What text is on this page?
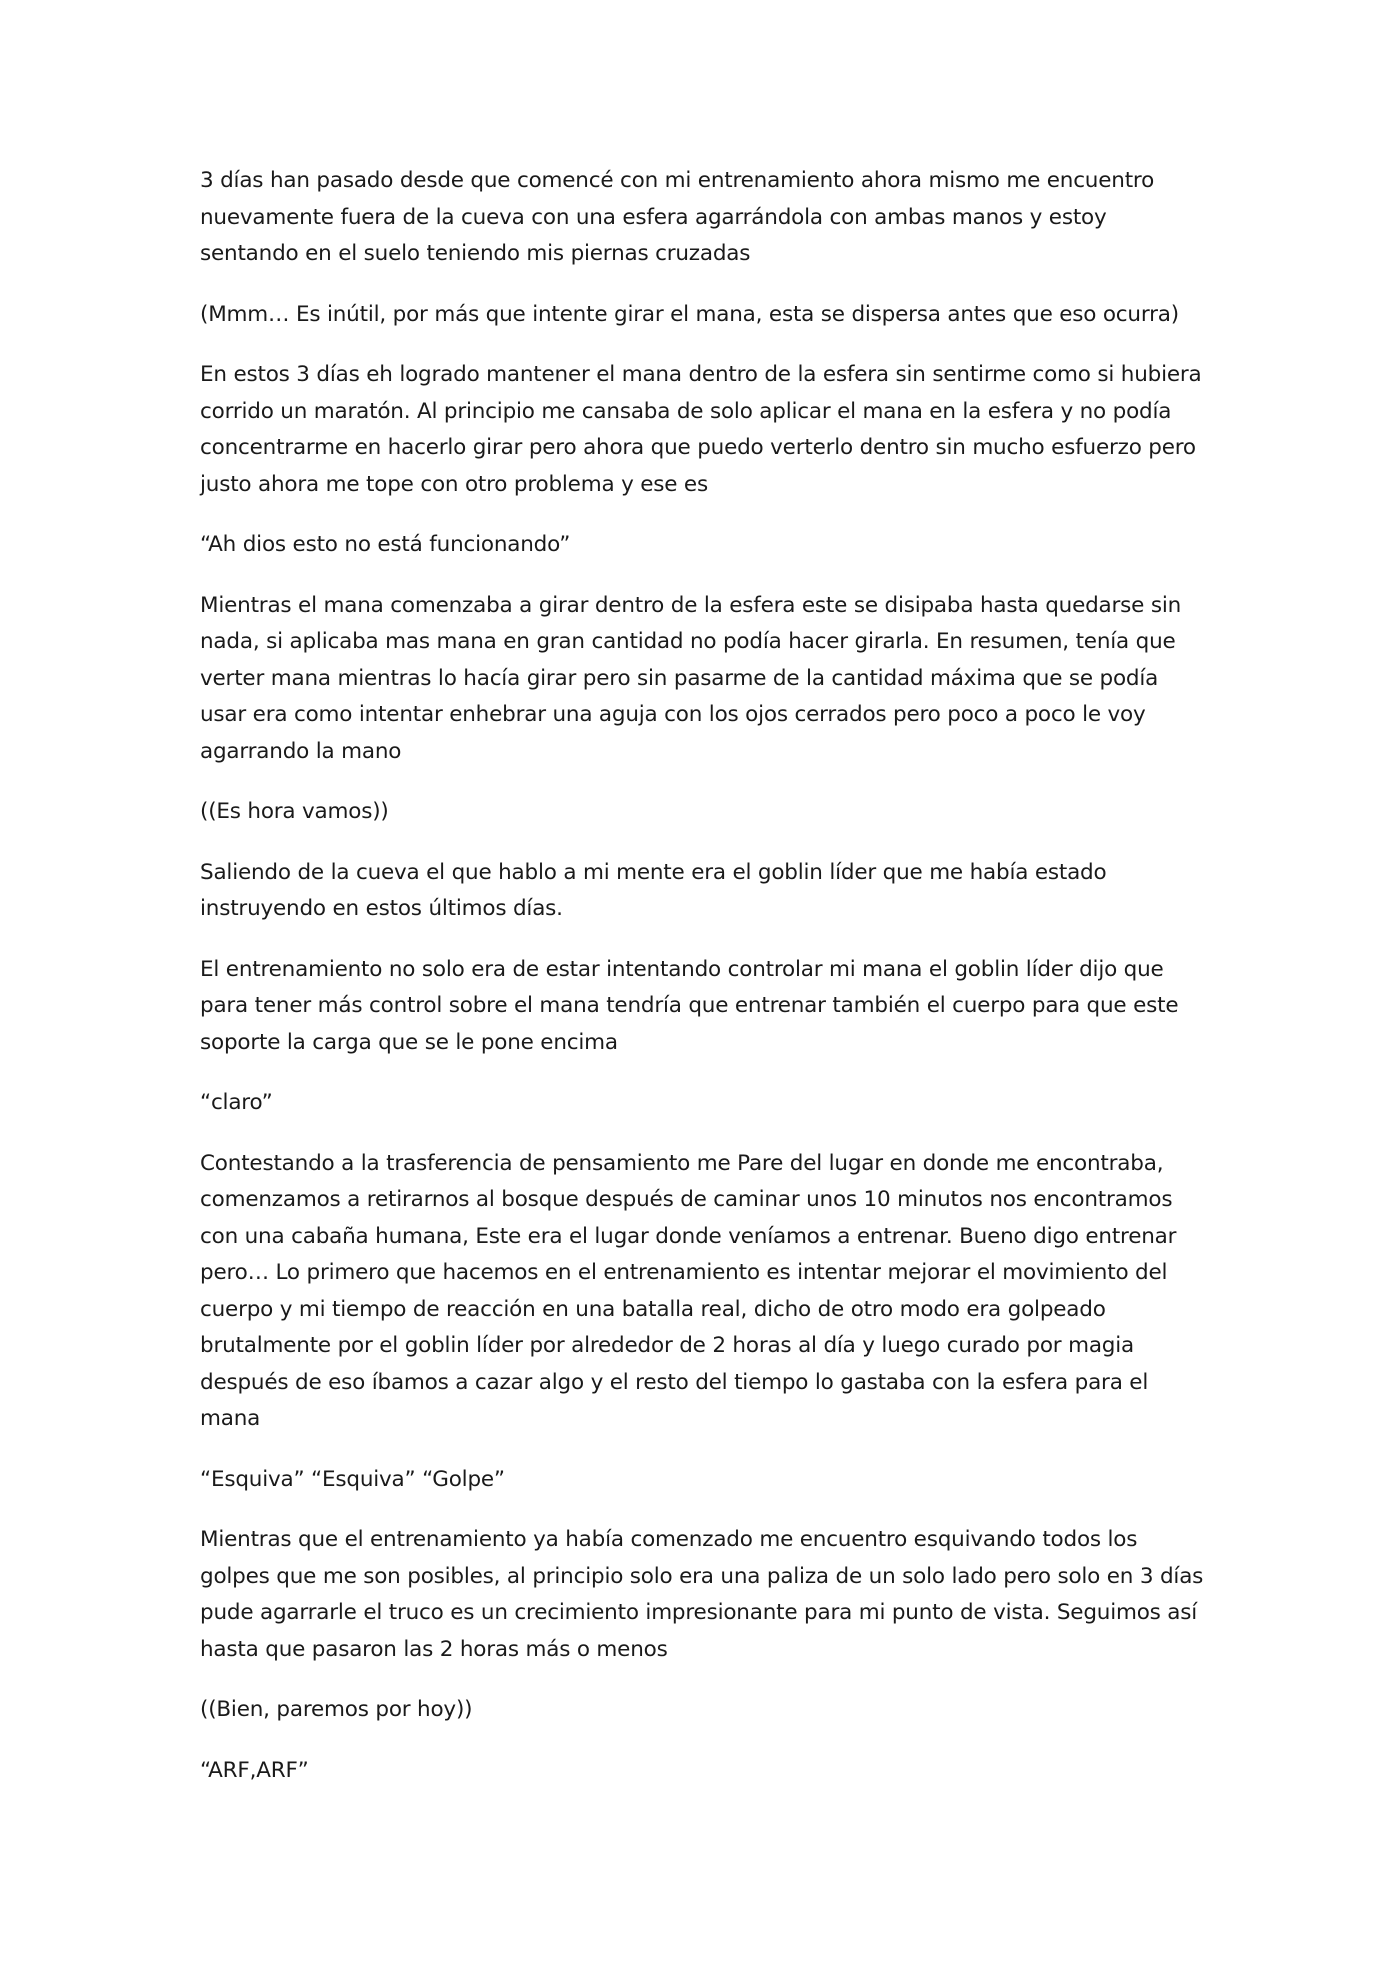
3 días han pasado desde que comencé con mi entrenamiento ahora mismo me encuentro nuevamente fuera de la cueva con una esfera agarrándola con ambas manos y estoy sentando en el suelo teniendo mis piernas cruzadas

(Mmm… Es inútil, por más que intente girar el mana, esta se dispersa antes que eso ocurra)

En estos 3 días eh logrado mantener el mana dentro de la esfera sin sentirme como si hubiera corrido un maratón. Al principio me cansaba de solo aplicar el mana en la esfera y no podía concentrarme en hacerlo girar pero ahora que puedo verterlo dentro sin mucho esfuerzo pero justo ahora me tope con otro problema y ese es

“Ah dios esto no está funcionando”

Mientras el mana comenzaba a girar dentro de la esfera este se disipaba hasta quedarse sin nada, si aplicaba mas mana en gran cantidad no podía hacer girarla. En resumen, tenía que verter mana mientras lo hacía girar pero sin pasarme de la cantidad máxima que se podía usar era como intentar enhebrar una aguja con los ojos cerrados pero poco a poco le voy agarrando la mano

((Es hora vamos))

Saliendo de la cueva el que hablo a mi mente era el goblin líder que me había estado instruyendo en estos últimos días.

El entrenamiento no solo era de estar intentando controlar mi mana el goblin líder dijo que para tener más control sobre el mana tendría que entrenar también el cuerpo para que este soporte la carga que se le pone encima

“claro”

Contestando a la trasferencia de pensamiento me Pare del lugar en donde me encontraba, comenzamos a retirarnos al bosque después de caminar unos 10 minutos nos encontramos con una cabaña humana, Este era el lugar donde veníamos a entrenar. Bueno digo entrenar pero… Lo primero que hacemos en el entrenamiento es intentar mejorar el movimiento del cuerpo y mi tiempo de reacción en una batalla real, dicho de otro modo era golpeado brutalmente por el goblin líder por alrededor de 2 horas al día y luego curado por magia después de eso íbamos a cazar algo y el resto del tiempo lo gastaba con la esfera para el mana

“Esquiva” “Esquiva” “Golpe”

Mientras que el entrenamiento ya había comenzado me encuentro esquivando todos los golpes que me son posibles, al principio solo era una paliza de un solo lado pero solo en 3 días pude agarrarle el truco es un crecimiento impresionante para mi punto de vista. Seguimos así hasta que pasaron las 2 horas más o menos

((Bien, paremos por hoy))

“ARF,ARF”
